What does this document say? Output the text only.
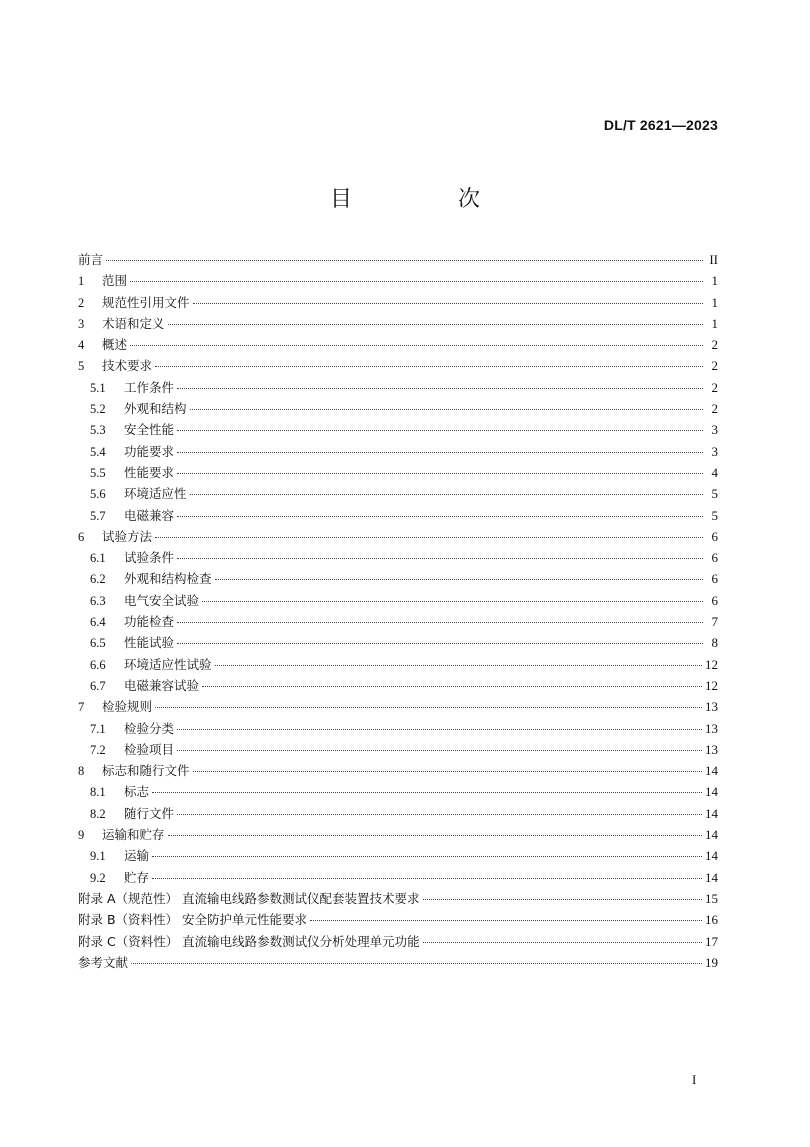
DL/T 2621—2023
目　次
前言	II
1	范围	1
2	规范性引用文件	1
3	术语和定义	1
4	概述	2
5	技术要求	2
5.1	工作条件	2
5.2	外观和结构	2
5.3	安全性能	3
5.4	功能要求	3
5.5	性能要求	4
5.6	环境适应性	5
5.7	电磁兼容	5
6	试验方法	6
6.1	试验条件	6
6.2	外观和结构检查	6
6.3	电气安全试验	6
6.4	功能检查	7
6.5	性能试验	8
6.6	环境适应性试验	12
6.7	电磁兼容试验	12
7	检验规则	13
7.1	检验分类	13
7.2	检验项目	13
8	标志和随行文件	14
8.1	标志	14
8.2	随行文件	14
9	运输和贮存	14
9.1	运输	14
9.2	贮存	14
附录 A（规范性） 直流输电线路参数测试仪配套装置技术要求	15
附录 B（资料性） 安全防护单元性能要求	16
附录 C（资料性） 直流输电线路参数测试仪分析处理单元功能	17
参考文献	19
I
